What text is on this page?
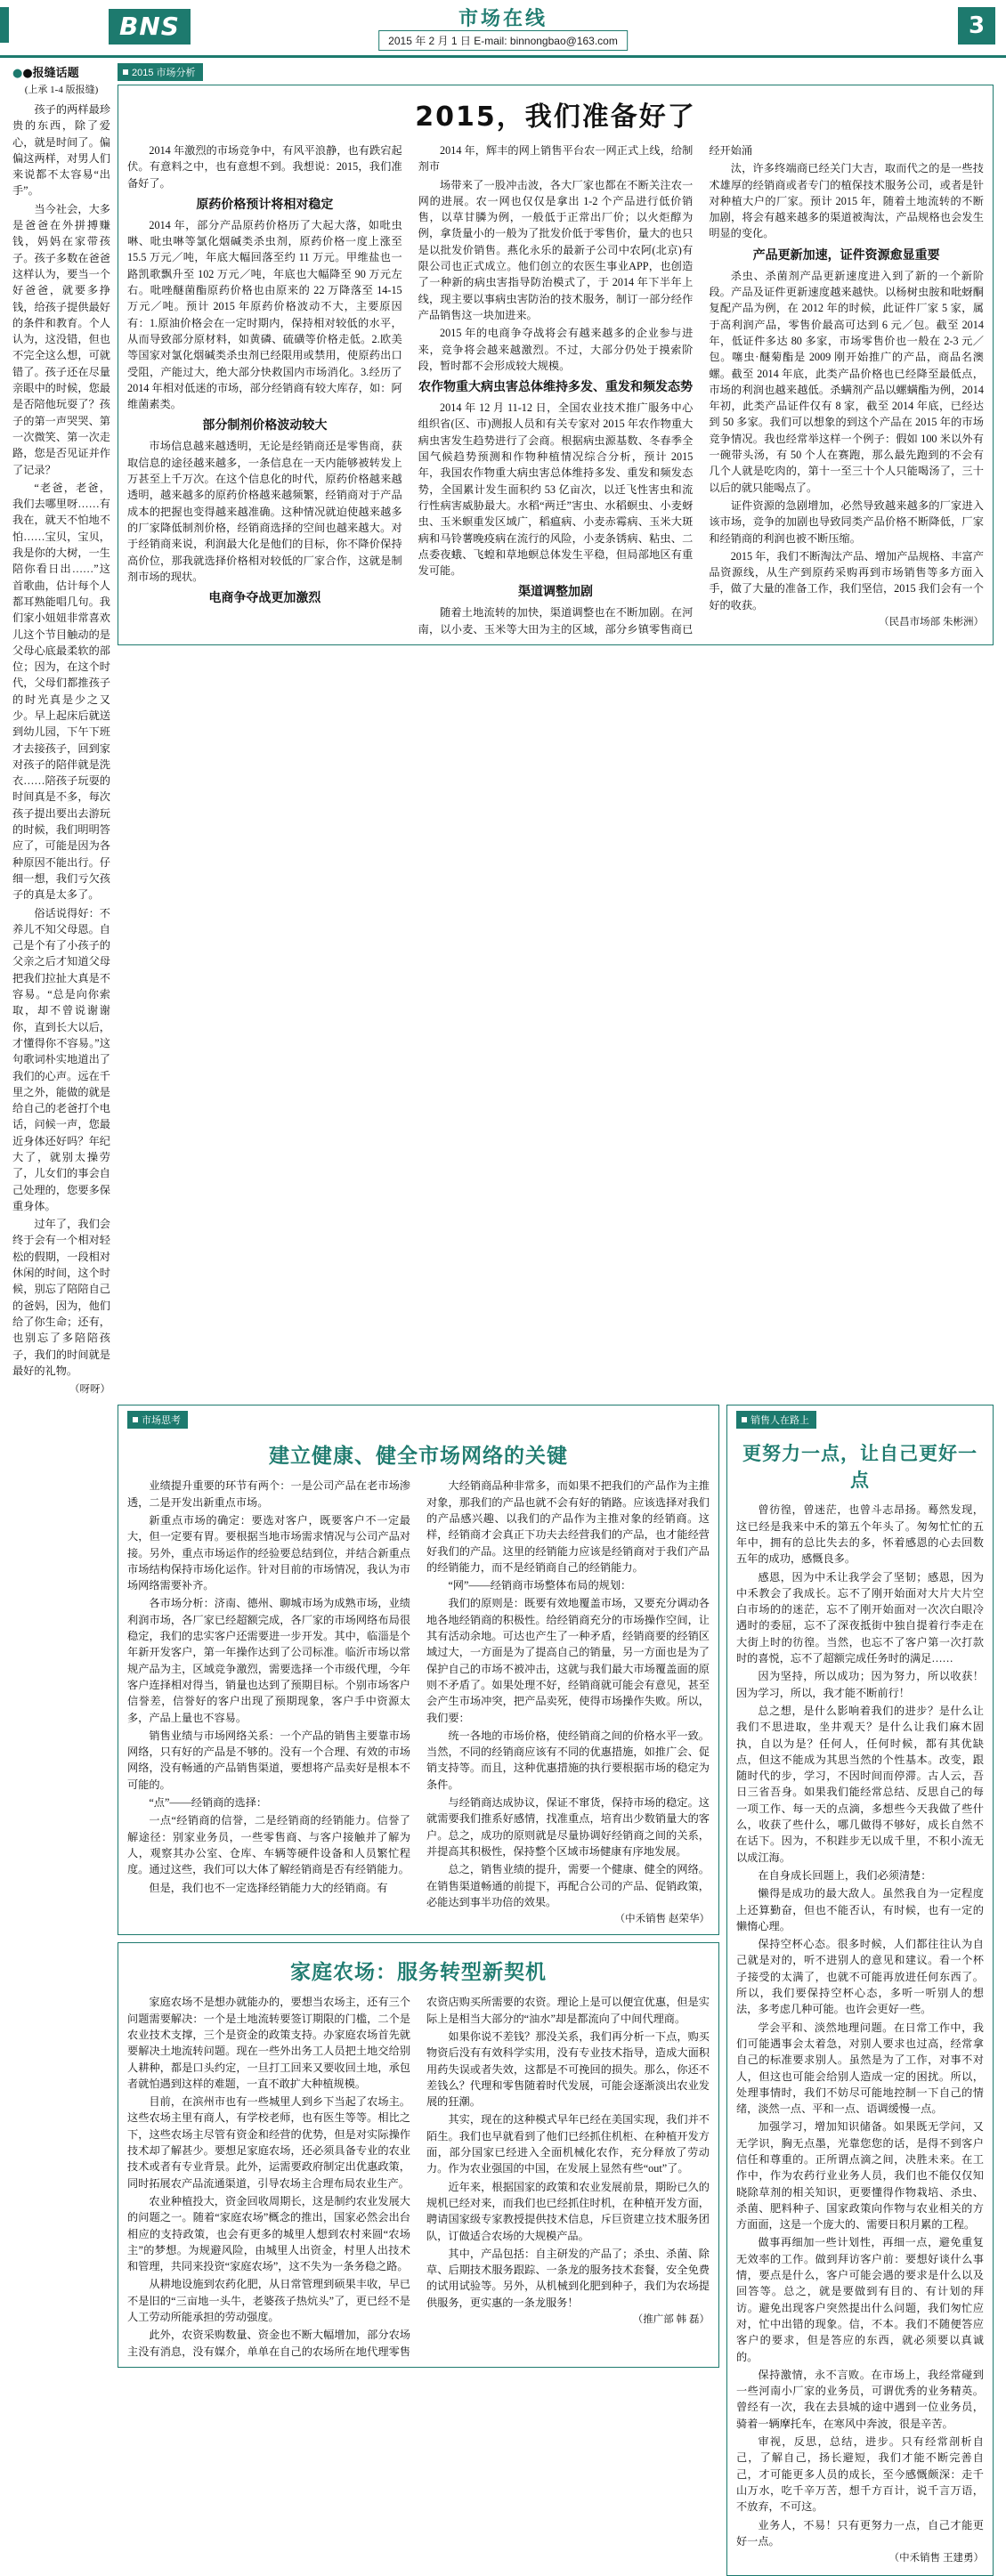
BNS	市场在线
2015 年 2 月 1 日 E-mail: binnongbao@163.com
3
●●报缝话题
(上承 1-4 版报缝)

孩子的两样最珍贵的东西，除了爱心，就是时间了。偏偏这两样，对男人们来说都不太容易“出手”。

当今社会，大多是爸爸在外拼搏赚钱，妈妈在家带孩子。孩子多数在爸爸这样认为，要当一个好爸爸，就要多挣钱，给孩子提供最好的条件和教育。个人认为，这没错，但也不完全这么想，可就错了。孩子还在尽量亲眼中的时候，您最是否陪他玩耍了？孩子的第一声哭哭、第一次微笑、第一次走路，您是否见证并作了记录？

“老爸，老爸，我们去哪里呀……有我在，就天不怕地不怕……宝贝，宝贝，我是你的大树，一生陪你看日出……”这首歌曲，估计每个人都耳熟能唱几句。我们家小妞妞非常喜欢儿这个节目触动的是父母心底最柔软的部位；因为，在这个时代，父母们都推孩子的时光真是少之又少。早上起床后就送到幼儿园，下午下班才去接孩子，回到家对孩子的陪伴就是洗衣……陪孩子玩耍的时间真是不多，每次孩子提出要出去游玩的时候，我们明明答应了，可能是因为各种原因不能出行。仔细一想，我们亏欠孩子的真是太多了。

俗话说得好：不养儿不知父母恩。自己是个有了小孩子的父亲之后才知道父母把我们拉扯大真是不容易。“总是向你索取，却不曾说谢谢你，直到长大以后，才懂得你不容易。”这句歌词朴实地道出了我们的心声。远在千里之外，能做的就是给自己的老爸打个电话，问候一声，您最近身体还好吗？年纪大了，就别太操劳了，儿女们的事会自己处理的，您要多保重身体。

过年了，我们会终于会有一个相对轻松的假期，一段相对休闲的时间，这个时候，别忘了陪陪自己的爸妈，因为，他们给了你生命；还有，也别忘了多陪陪孩子，我们的时间就是最好的礼物。

（呀呀）
2015 市场分析
2015，我们准备好了

2014 年激烈的市场竞争中，有风平浪静，也有跌宕起伏。有意料之中，也有意想不到。我想说：2015，我们准备好了。

原药价格预计将相对稳定

2014 年，部分产品原药价格历了大起大落，如吡虫啉、吡虫啉等氯化烟碱类杀虫剂，原药价格一度上涨至 15.5 万元／吨，年底大幅回落至约 11 万元。甲维盐也一路凯歌飘升至 102 万元／吨，年底也大幅降至 90 万元左右。吡唑醚菌酯原药价格也由原来的 22 万降落至 14-15 万元／吨。预计 2015 年原药价格波动不大，主要原因有：1.原油价格会在一定时期内，保持相对较低的水平，从而导致部分原材料，如黄磷、硫磺等价格走低。2.欧美等国家对氯化烟碱类杀虫剂已经限用或禁用，使原药出口受阻，产能过大，绝大部分快救国内市场消化。3.经历了 2014 年相对低迷的市场，部分经销商有较大库存，如：阿维菌素类。

部分制剂价格波动较大

市场信息越来越透明，无论是经销商还是零售商，获取信息的途径越来越多，一条信息在一天内能够被转发上万甚至上千万次。在这个信息化的时代，原药价格越来越透明，越来越多的原药价格越来越频繁，经销商对于产品成本的把握也变得越来越准确。这种情况就迫使越来越多的厂家降低制剂价格，经销商选择的空间也越来越大。对于经销商来说，利润最大化是他们的目标，你不降价保持高价位，那我就选择价格相对较低的厂家合作，这就是制剂市场的现状。

电商争夺战更加激烈

2014 年，辉丰的网上销售平台农一网正式上线，给制剂市

场带来了一股冲击波，各大厂家也都在不断关注农一网的进展。农一网也仅仅是拿出 1-2 个产品进行低价销售，以草甘膦为例，一般低于正常出厂价；以火炬醇为例，拿货量小的一般为了批发价低于零售价，量大的也只是以批发价销售。燕化永乐的最新子公司中农阿(北京)有限公司也正式成立。他们创立的农医生事业APP，也创造了一种新的病虫害指导防治模式了，于 2014 年下半年上线，现主要以事病虫害防治的技术服务，制订一部分经作产品销售这一块加进来。

2015 年的电商争夺战将会有越来越多的企业参与进来，竞争将会越来越激烈。不过，大部分仍处于摸索阶段，暂时都不会形成较大规模。

农作物重大病虫害总体维持多发、重发和频发态势

2014 年 12 月 11-12 日，全国农业技术推广服务中心组织省(区、市)测报人员和有关专家对 2015 年农作物重大病虫害发生趋势进行了会商。根据病虫源基数、冬春季全国气候趋势预测和作物种植情况综合分析，预计 2015 年，我国农作物重大病虫害总体维持多发、重发和频发态势，全国累计发生面积约 53 亿亩次，以迁飞性害虫和流行性病害威胁最大。水稻“两迁”害虫、水稻螟虫、小麦蚜虫、玉米螟重发区域广，稻瘟病、小麦赤霉病、玉米大斑病和马铃薯晚疫病在流行的风险，小麦条锈病、粘虫、二点委夜蛾、飞蝗和草地螟总体发生平稳，但局部地区有重发可能。

渠道调整加剧

随着土地流转的加快，渠道调整也在不断加剧。在河南，以小麦、玉米等大田为主的区域，部分乡镇零售商已经开始涌

汰，许多终端商已经关门大吉，取而代之的是一些技术雄厚的经销商或者专门的植保技术服务公司，或者是针对种植大户的厂家。预计 2015 年，随着土地流转的不断加剧，将会有越来越多的渠道被淘汰，产品规格也会发生明显的变化。

产品更新加速，证件资源愈显重要

杀虫、杀菌剂产品更新速度进入到了新的一个新阶段。产品及证件更新速度越来越快。以杨树虫胺和吡蚜酮复配产品为例，在 2012 年的时候，此证件厂家 5 家，属于高利润产品，零售价最高可达到 6 元／包。截至 2014 年，低证件多达 80 多家，市场零售价也一般在 2-3 元／包。噻虫·醚菊酯是 2009 刚开始推广的产品，商品名澳螺。截至 2014 年底，此类产品价格也已经降至最低点，市场的利润也越来越低。杀螨剂产品以螺螨酯为例，2014 年初，此类产品证件仅有 8 家，截至 2014 年底，已经达到 50 多家。我们可以想象的到这个产品在 2015 年的市场竞争情况。我也经常举这样一个例子：假如 100 米以外有一碗带头汤，有 50 个人在赛跑，那么最先跑到的不会有几个人就是吃肉的，第十一至三十个人只能喝汤了，三十以后的就只能喝点了。

证件资源的急剧增加，必然导致越来越多的厂家进入该市场，竞争的加剧也导致同类产品价格不断降低，厂家和经销商的利润也被不断压缩。

2015 年，我们不断淘汰产品、增加产品规格、丰富产品资源线，从生产到原药采购再到市场销售等多方面入手，做了大量的准备工作，我们坚信，2015 我们会有一个好的收获。

（民昌市场部 朱彬洲）

市场思考
建立健康、健全市场网络的关键

业绩提升重要的环节有两个：一是公司产品在老市场渗透，二是开发出新重点市场。

新重点市场的确定：要选对客户，既要客户不一定最大，但一定要有胃。要根据当地市场需求情况与公司产品对接。另外，重点市场运作的经验要总结到位，并结合新重点市场结构保持市场化运作。针对目前的市场情况，我认为市场网络需要补齐。

各市场分析：济南、德州、聊城市场为成熟市场，业绩利润市场，各厂家已经超额完成，各厂家的市场网络布局很稳定，我们的忠实客户还需要进一步开发。其中，临淄是个年新开发客户，第一年操作达到了公司标准。临沂市场以常规产品为主，区域竞争激烈，需要选择一个市级代理，今年客户连择相对得当，销量也达到了预期目标。个别市场客户信誉差，信誉好的客户出现了预期现象，客户手中资源太多，产品上量也不容易。

销售业绩与市场网络关系：一个产品的销售主要靠市场网络，只有好的产品是不够的。没有一个合理、有效的市场网络，没有畅通的产品销售渠道，要想将产品卖好是根本不可能的。

“点”——经销商的选择：

一点“经销商的信誉，二是经销商的经销能力。信誉了解途径：别家业务员，一些零售商、与客户接触并了解为人，观察其办公室、仓库、车辆等硬件设备和人员繁忙程度。通过这些，我们可以大体了解经销商是否有经销能力。

但是，我们也不一定选择经销能力大的经销商。有

大经销商品种非常多，而如果不把我们的产品作为主推对象，那我们的产品也就不会有好的销路。应该选择对我们的产品感兴趣、以我们的产品作为主推对象的经销商。这样，经销商才会真正下功夫去经营我们的产品，也才能经营好我们的产品。这里的经销能力应该是经销商对于我们产品的经销能力，而不是经销商自己的经销能力。

“网”——经销商市场整体布局的规划：

我们的原则是：既要有效地覆盖市场，又要充分调动各地各地经销商的积极性。给经销商充分的市场操作空间，让其有活动余地。可达也产生了一种矛盾，经销商要的经销区域过大，一方面是为了提高自己的销量，另一方面也是为了保护自己的市场不被冲击，这就与我们最大市场覆盖面的原则不矛盾了。如果处理不好，经销商就可能会有意见，甚至会产生市场冲突，把产品卖死，使得市场操作失败。所以，我们要：

统一各地的市场价格，使经销商之间的价格水平一致。当然，不同的经销商应该有不同的优惠措施，如推广会、促销支持等。而且，这种优惠措施的执行要根据市场的稳定为条件。

与经销商达成协议，保证不窜货，保持市场的稳定。这就需要我们推系好感情，找准重点，培育出少数销量大的客户。总之，成功的原则就是尽量协调好经销商之间的关系，并提高其积极性，保持整个区域市场健康有序地发展。

总之，销售业绩的提升，需要一个健康、健全的网络。在销售渠道畅通的前提下，再配合公司的产品、促销政策，必能达到事半功倍的效果。

（中禾销售 赵荣华）

家庭农场：服务转型新契机

家庭农场不是想办就能办的，要想当农场主，还有三个问题需要解决：一个是土地流转要签订期限的门槛，二个是农业技术支撑，三个是资金的政策支持。办家庭农场首先就要解决土地流转问题。现在一些外出务工人员把土地交给别人耕种，都是口头约定，一旦打工回来又要收回土地，承包者就怕遇到这样的难题，一直不敢扩大种植规模。

目前，在滨州市也有一些城里人到乡下当起了农场主。这些农场主里有商人，有学校老师，也有医生等等。相比之下，这些农场主尽管有资金和经营的优势，但是对实际操作技术却了解甚少。要想足家庭农场，还必须具备专业的农业技术或者有专业背景。此外，运需要政府制定出优惠政策，同时拓展农产品流通渠道，引导农场主合理布局农业生产。

农业种植投大，资金回收周期长，这是制约农业发展大的问题之一。随着“家庭农场”概念的推出，国家必然会出台相应的支持政策，也会有更多的城里人想到农村来圆“农场主”的梦想。为规避风险，由城里人出资金，村里人出技术和管理，共同来投资“家庭农场”，这不失为一条务稳之路。

从耕地设施到农药化肥，从日常管理到硕果丰收，早已不是旧的“三亩地一头牛，老婆孩子热炕头”了，更已经不是人工劳动所能承担的劳动强度。

此外，农资采购数量、资金也不断大幅增加，部分农场主没有消息，没有媒介，单单在自己的农场所在地代理零售农资店购买所需要的农资。理论上是可以便宜优惠，但是实际上是相当大部分的“油水”却是都流向了中间代理商。

如果你说不差钱？那没关系，我们再分析一下点，购买物资后没有有效科学实用，没有专业技术指导，造成大面积用药失误或者失效，这都是不可挽回的损失。那么，你还不差钱么？代理和零售随着时代发展，可能会逐渐淡出农业发展的狂潮。

其实，现在的这种模式早年已经在美国实现，我们并不陌生。我们也早就看到了他们已经抓住机柜、在种植开发方面，部分国家已经进入全面机械化农作，充分释放了劳动力。作为农业强国的中国，在发展上显然有些“out”了。

近年来，根据国家的政策和农业发展前景，期盼已久的规机已经对来，而我们也已经抓住时机，在种植开发方面，聘请国家级专家教授提供技术信息，斥巨资建立技术服务团队，订做适合农场的大规模产品。

其中，产品包括：自主研发的产品了；杀虫、杀菌、除草、后期技术服务跟踪、一条龙的服务技术套餐，安全免费的试用试验等。另外，从机械到化肥到种子，我们为农场提供服务，更实惠的一条龙服务！

（推广部 韩 磊）

销售人在路上
更努力一点，让自己更好一点

曾彷徨，曾迷茫，也曾斗志昂扬。蓦然发现，这已经是我来中禾的第五个年头了。匆匆忙忙的五年中，拥有的总比失去的多，怀着感恩的心去回数五年的成功，感慨良多。

感恩，因为中禾让我学会了坚韧；感恩，因为中禾教会了我成长。忘不了刚开始面对大片大片空白市场的的迷茫，忘不了刚开始面对一次次白眼冷遇时的委屈，忘不了深夜抵街中独自提着行李走在大街上时的彷徨。当然，也忘不了客户第一次打款时的喜悦，忘不了超额完成任务时的满足……

因为坚持，所以成功；因为努力，所以收获！因为学习，所以，我才能不断前行！

总之想，是什么影响着我们的进步？是什么让我们不思进取，坐井观天？是什么让我们麻木固执，自以为是？任何人，任何时候，都有其优缺点，但这不能成为其思当然的个性基本。改变，跟随时代的步，学习，不因时间而停滞。古人云，吾日三省吾身。如果我们能经常总结、反思自己的每一项工作、每一天的点滴，多想些今天我做了些什么，收获了些什么，哪几做得不够好，成长自然不在话下。因为，不积跬步无以成千里，不积小流无以成江海。

在自身成长回题上，我们必须清楚：

懒得是成功的最大敌人。虽然我自为一定程度上还算勤奋，但也不能否认，有时候，也有一定的懒惰心理。

保持空杯心态。很多时候，人们都往往认为自己就是对的，听不进别人的意见和建议。看一个杯子接受的太满了，也就不可能再放进任何东西了。所以，我们要保持空杯心态，多听一听别人的想法，多考虑几种可能。也许会更好一些。

学会平和、淡然地理问题。在日常工作中，我们可能遇事会太着急，对别人要求也过高，经常拿自己的标准要求别人。虽然是为了工作，对事不对人，但这也可能会给别人造成一定的困扰。所以，处理事情时，我们不妨尽可能地控制一下自己的情绪，淡然一点、平和一点、语调缓慢一点。

加强学习，增加知识储备。如果既无学问，又无学识，胸无点墨，光靠您您的话，是得不到客户信任和尊重的。正所谓点滴之间，决胜未来。在工作中，作为农药行业业务人员，我们也不能仅仅知晓除草剂的相关知识，更要懂得作物栽培、杀虫、杀菌、肥料种子、国家政策向作物与农业相关的方方面面，这是一个庞大的、需要日积月累的工程。

做事再细加一些计划性，再细一点，避免重复无效率的工作。做到拜访客户前：要想好谈什么事情，要点是什么，客户可能会遇的要求是什么以及回答等。总之，就是要做到有目的、有计划的拜访。避免出现客户突然提出什么问题，我们匆忙应对，忙中出错的现象。信，不本。我们不随便答应客户的要求，但是答应的东西，就必须要以真诚的。

保持激情，永不言败。在市场上，我经常碰到一些河南小厂家的业务员，可谓优秀的业务精英。曾经有一次，我在去县城的途中遇到一位业务员，骑着一辆摩托车，在寒风中奔波，很是辛苦。

审视，反思，总结，进步。只有经常剖析自己，了解自己，扬长避短，我们才能不断完善自己，才可能更多人员的成长，至今感慨颇深：走千山万水，吃千辛万苦，想千方百计，说千言万语，不放弃，不可这。

业务人，不易！只有更努力一点，自己才能更好一点。

（中禾销售 王建勇）
